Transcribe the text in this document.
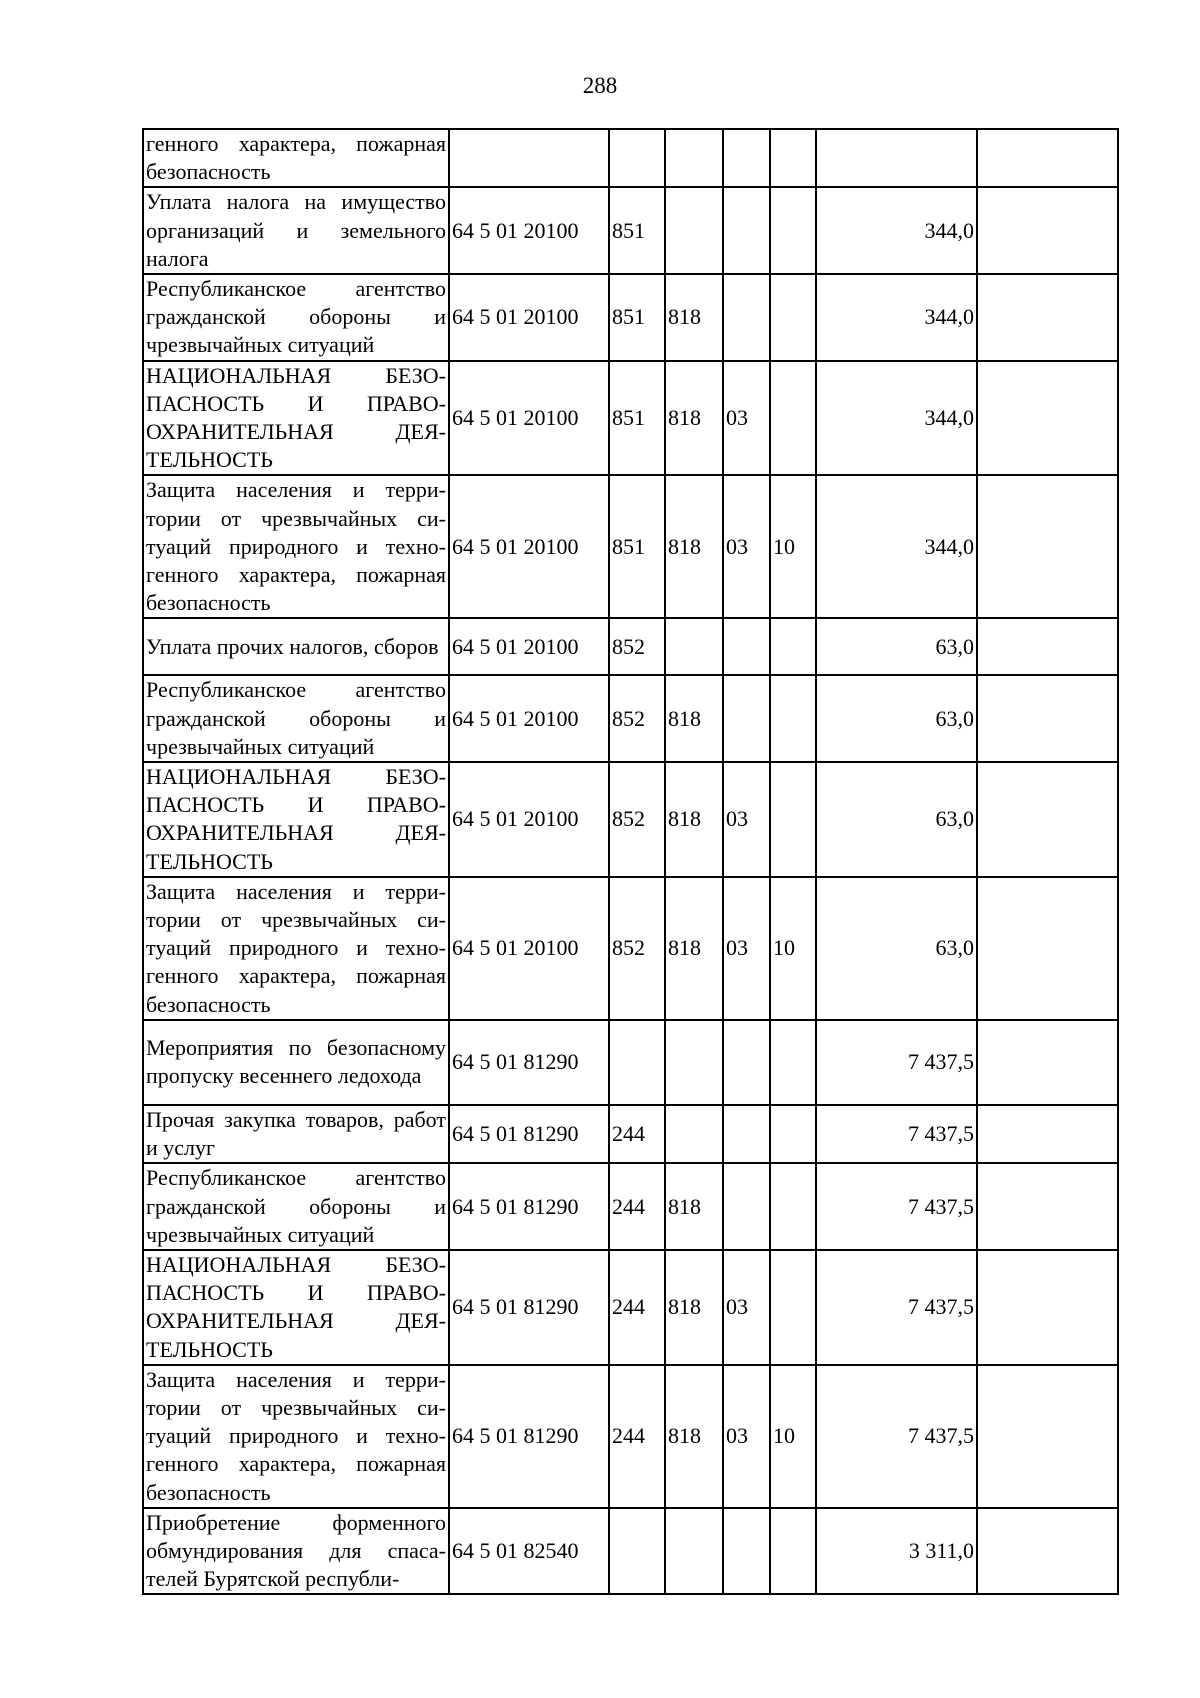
288
генного характера, пожарная безопасность							
Уплата налога на имущество организаций и земельного налога	64 5 01 20100	851				344,0	
Республиканское агентство гражданской обороны и чрезвычайных ситуаций	64 5 01 20100	851	818			344,0	
НАЦИОНАЛЬНАЯ БЕЗОПАСНОСТЬ И ПРАВООХРАНИТЕЛЬНАЯ ДЕЯТЕЛЬНОСТЬ	64 5 01 20100	851	818	03		344,0	
Защита населения и территории от чрезвычайных ситуаций природного и техногенного характера, пожарная безопасность	64 5 01 20100	851	818	03	10	344,0	
Уплата прочих налогов, сборов	64 5 01 20100	852				63,0	
Республиканское агентство гражданской обороны и чрезвычайных ситуаций	64 5 01 20100	852	818			63,0	
НАЦИОНАЛЬНАЯ БЕЗОПАСНОСТЬ И ПРАВООХРАНИТЕЛЬНАЯ ДЕЯТЕЛЬНОСТЬ	64 5 01 20100	852	818	03		63,0	
Защита населения и территории от чрезвычайных ситуаций природного и техногенного характера, пожарная безопасность	64 5 01 20100	852	818	03	10	63,0	
Мероприятия по безопасному пропуску весеннего ледохода	64 5 01 81290					7 437,5	
Прочая закупка товаров, работ и услуг	64 5 01 81290	244				7 437,5	
Республиканское агентство гражданской обороны и чрезвычайных ситуаций	64 5 01 81290	244	818			7 437,5	
НАЦИОНАЛЬНАЯ БЕЗОПАСНОСТЬ И ПРАВООХРАНИТЕЛЬНАЯ ДЕЯТЕЛЬНОСТЬ	64 5 01 81290	244	818	03		7 437,5	
Защита населения и территории от чрезвычайных ситуаций природного и техногенного характера, пожарная безопасность	64 5 01 81290	244	818	03	10	7 437,5	
Приобретение форменного обмундирования для спасателей Бурятской республи-	64 5 01 82540					3 311,0	
